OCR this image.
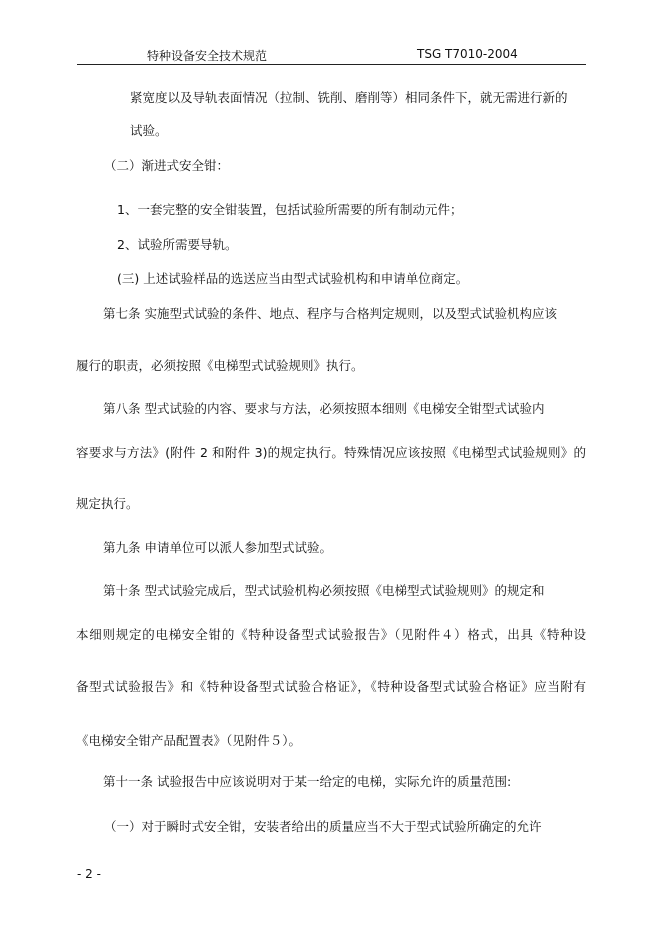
特种设备安全技术规范	TSG T7010-2004
紧宽度以及导轨表面情况（拉制、铣削、磨削等）相同条件下，就无需进行新的
试验。
（二）渐进式安全钳：
1、一套完整的安全钳装置，包括试验所需要的所有制动元件；
2、试验所需要导轨。
(三) 上述试验样品的选送应当由型式试验机构和申请单位商定。
第七条 实施型式试验的条件、地点、程序与合格判定规则，以及型式试验机构应该
履行的职责，必须按照《电梯型式试验规则》执行。
第八条 型式试验的内容、要求与方法，必须按照本细则《电梯安全钳型式试验内
容要求与方法》(附件 2 和附件 3)的规定执行。特殊情况应该按照《电梯型式试验规则》的
规定执行。
第九条 申请单位可以派人参加型式试验。
第十条 型式试验完成后，型式试验机构必须按照《电梯型式试验规则》的规定和
本细则规定的电梯安全钳的《特种设备型式试验报告》（见附件４）格式，出具《特种设
备型式试验报告》和《特种设备型式试验合格证》，《特种设备型式试验合格证》应当附有
《电梯安全钳产品配置表》（见附件５）。
第十一条 试验报告中应该说明对于某一给定的电梯，实际允许的质量范围:
（一）对于瞬时式安全钳，安装者给出的质量应当不大于型式试验所确定的允许
- 2 -
